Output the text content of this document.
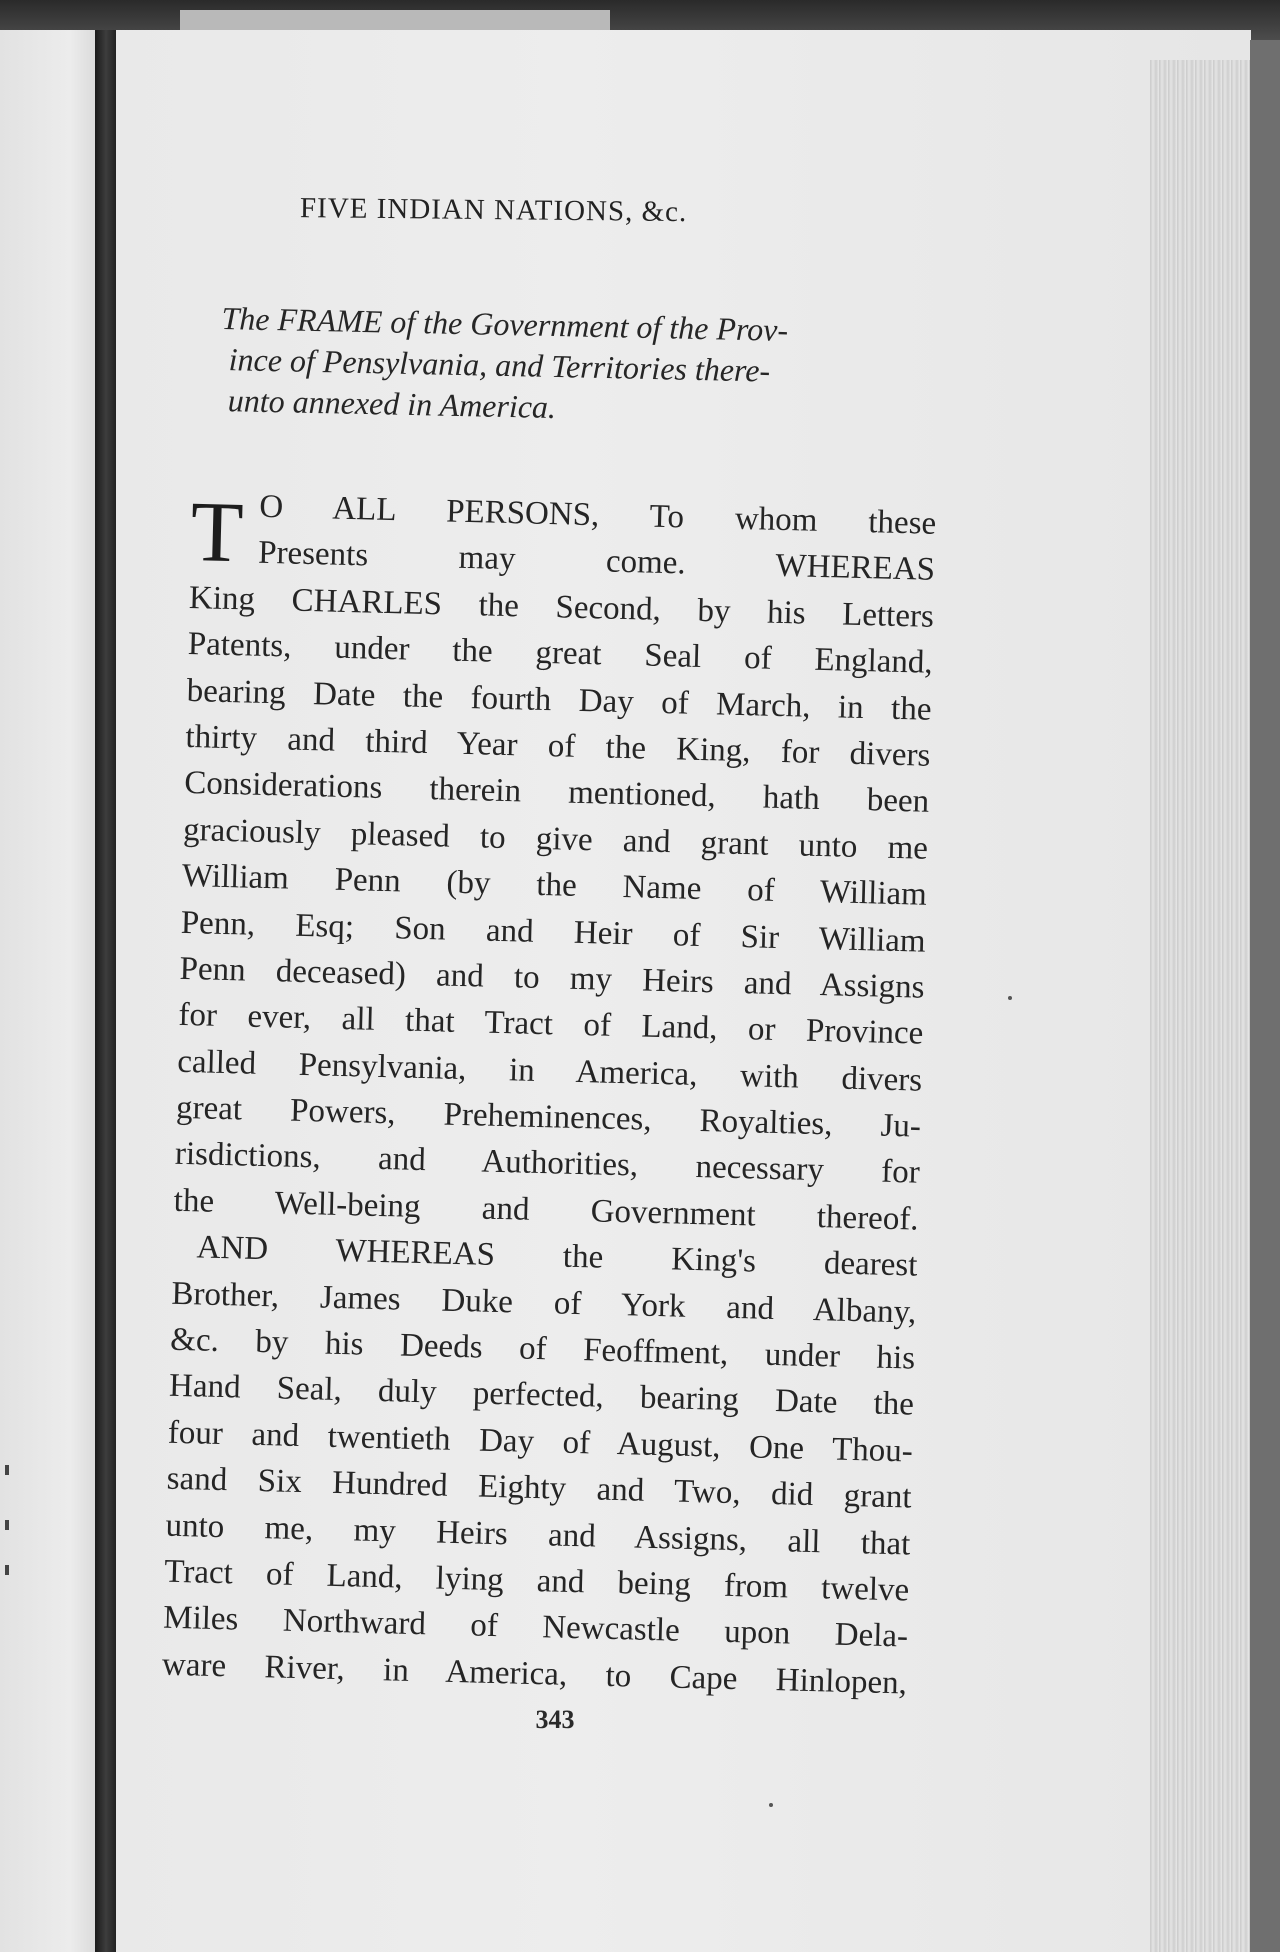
FIVE INDIAN NATIONS, &c.
The FRAME of the Government of the Prov-
ince of Pensylvania, and Territories there-
unto annexed in America.
T O ALL PERSONS, To whom these
Presents may come. WHEREAS
King CHARLES the Second, by his Letters
Patents, under the great Seal of England,
bearing Date the fourth Day of March, in the
thirty and third Year of the King, for divers
Considerations therein mentioned, hath been
graciously pleased to give and grant unto me
William Penn (by the Name of William
Penn, Esq; Son and Heir of Sir William
Penn deceased) and to my Heirs and Assigns
for ever, all that Tract of Land, or Province
called Pensylvania, in America, with divers
great Powers, Preheminences, Royalties, Ju-
risdictions, and Authorities, necessary for
the Well-being and Government thereof.
AND WHEREAS the King's dearest
Brother, James Duke of York and Albany,
&c. by his Deeds of Feoffment, under his
Hand Seal, duly perfected, bearing Date the
four and twentieth Day of August, One Thou-
sand Six Hundred Eighty and Two, did grant
unto me, my Heirs and Assigns, all that
Tract of Land, lying and being from twelve
Miles Northward of Newcastle upon Dela-
ware River, in America, to Cape Hinlopen,
343
